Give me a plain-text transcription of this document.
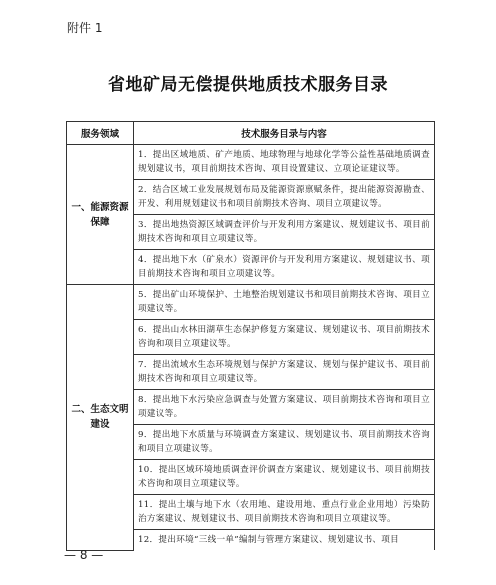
附件 1
省地矿局无偿提供地质技术服务目录
服务领域	技术服务目录与内容
一、能源资源保障	1．提出区域地质、矿产地质、地球物理与地球化学等公益性基础地质调查规划建议书，项目前期技术咨询、项目设置建议、立项论证建议等。
	2．结合区域工业发展规划布局及能源资源禀赋条件，提出能源资源勘查、开发、利用规划建议书和项目前期技术咨询、项目立项建议等。
	3．提出地热资源区域调查评价与开发利用方案建议、规划建议书、项目前期技术咨询和项目立项建议等。
	4．提出地下水（矿泉水）资源评价与开发利用方案建议、规划建议书、项目前期技术咨询和项目立项建议等。
二、生态文明建设	5．提出矿山环境保护、土地整治规划建议书和项目前期技术咨询、项目立项建议等。
	6．提出山水林田湖草生态保护修复方案建议、规划建议书、项目前期技术咨询和项目立项建议等。
	7．提出流域水生态环境规划与保护方案建议、规划与保护建议书、项目前期技术咨询和项目立项建议等。
	8．提出地下水污染应急调查与处置方案建议、项目前期技术咨询和项目立项建议等。
	9．提出地下水质量与环境调查方案建议、规划建议书、项目前期技术咨询和项目立项建议等。
	10．提出区域环境地质调查评价调查方案建议、规划建议书、项目前期技术咨询和项目立项建议等。
	11．提出土壤与地下水（农用地、建设用地、重点行业企业用地）污染防治方案建议、规划建议书、项目前期技术咨询和项目立项建议等。
	12．提出环境“三线一单”编制与管理方案建议、规划建议书、项目
— 8 —
